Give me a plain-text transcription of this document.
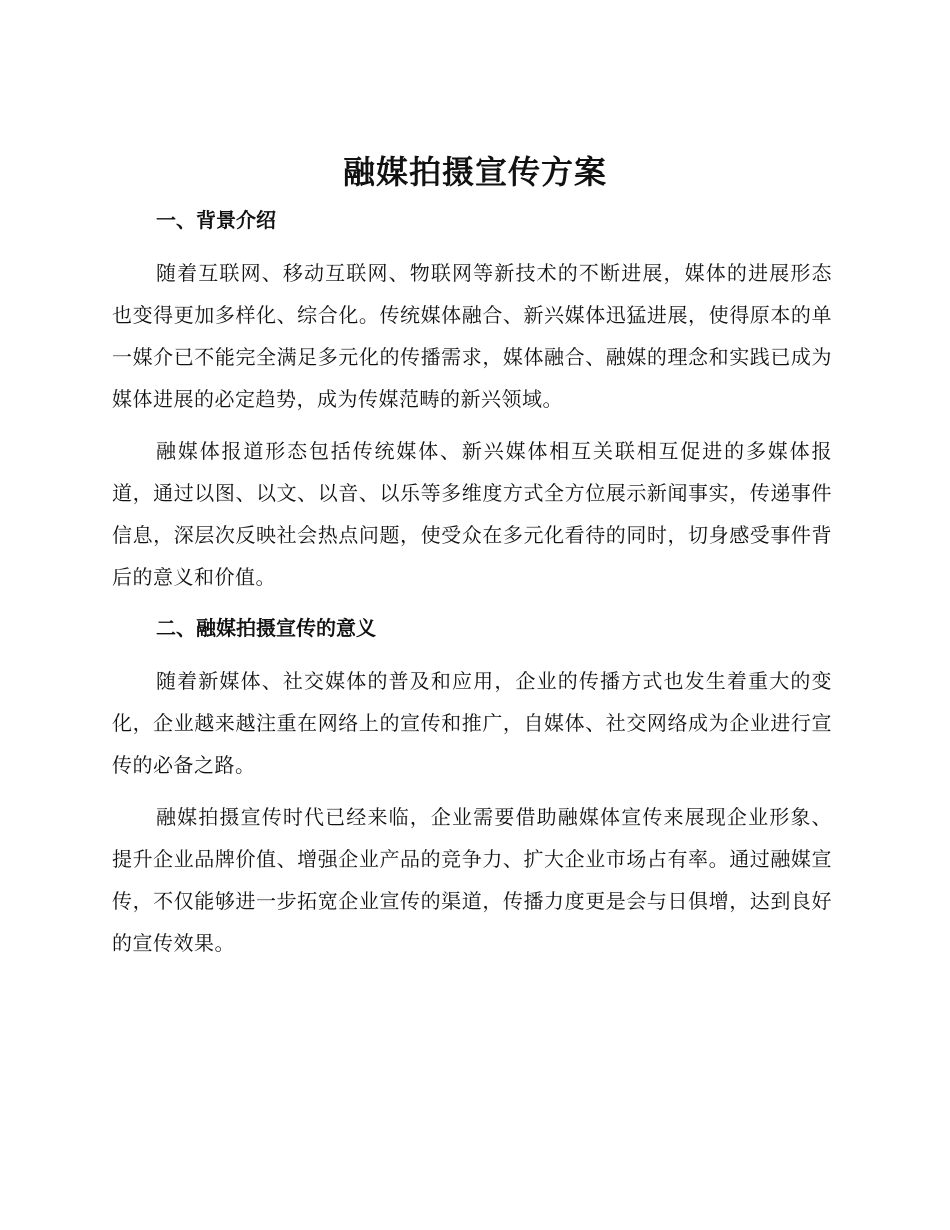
融媒拍摄宣传方案
一、背景介绍

随着互联网、移动互联网、物联网等新技术的不断进展，媒体的进展形态也变得更加多样化、综合化。传统媒体融合、新兴媒体迅猛进展，使得原本的单一媒介已不能完全满足多元化的传播需求，媒体融合、融媒的理念和实践已成为媒体进展的必定趋势，成为传媒范畴的新兴领域。

融媒体报道形态包括传统媒体、新兴媒体相互关联相互促进的多媒体报道，通过以图、以文、以音、以乐等多维度方式全方位展示新闻事实，传递事件信息，深层次反映社会热点问题，使受众在多元化看待的同时，切身感受事件背后的意义和价值。

二、融媒拍摄宣传的意义

随着新媒体、社交媒体的普及和应用，企业的传播方式也发生着重大的变化，企业越来越注重在网络上的宣传和推广，自媒体、社交网络成为企业进行宣传的必备之路。

融媒拍摄宣传时代已经来临，企业需要借助融媒体宣传来展现企业形象、提升企业品牌价值、增强企业产品的竞争力、扩大企业市场占有率。通过融媒宣传，不仅能够进一步拓宽企业宣传的渠道，传播力度更是会与日俱增，达到良好的宣传效果。
